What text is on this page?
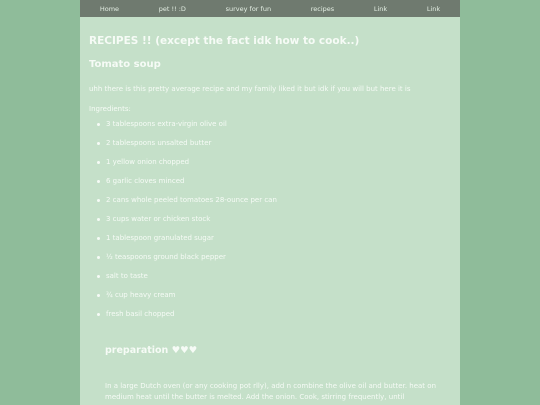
Home	pet !! :D	survey for fun	recipes	Link	Link
RECIPES !! (except the fact idk how to cook..)
Tomato soup

uhh there is this pretty average recipe and my family liked it but idk if you will but here it is

Ingredients:

3 tablespoons extra-virgin olive oil
2 tablespoons unsalted butter
1 yellow onion chopped
6 garlic cloves minced
2 cans whole peeled tomatoes 28-ounce per can
3 cups water or chicken stock
1 tablespoon granulated sugar
½ teaspoons ground black pepper
salt to taste
¾ cup heavy cream
fresh basil chopped
preparation ♥♥♥

In a large Dutch oven (or any cooking pot rlly), add n combine the olive oil and butter. heat on medium heat until the butter is melted. Add the onion. Cook, stirring frequently, until
